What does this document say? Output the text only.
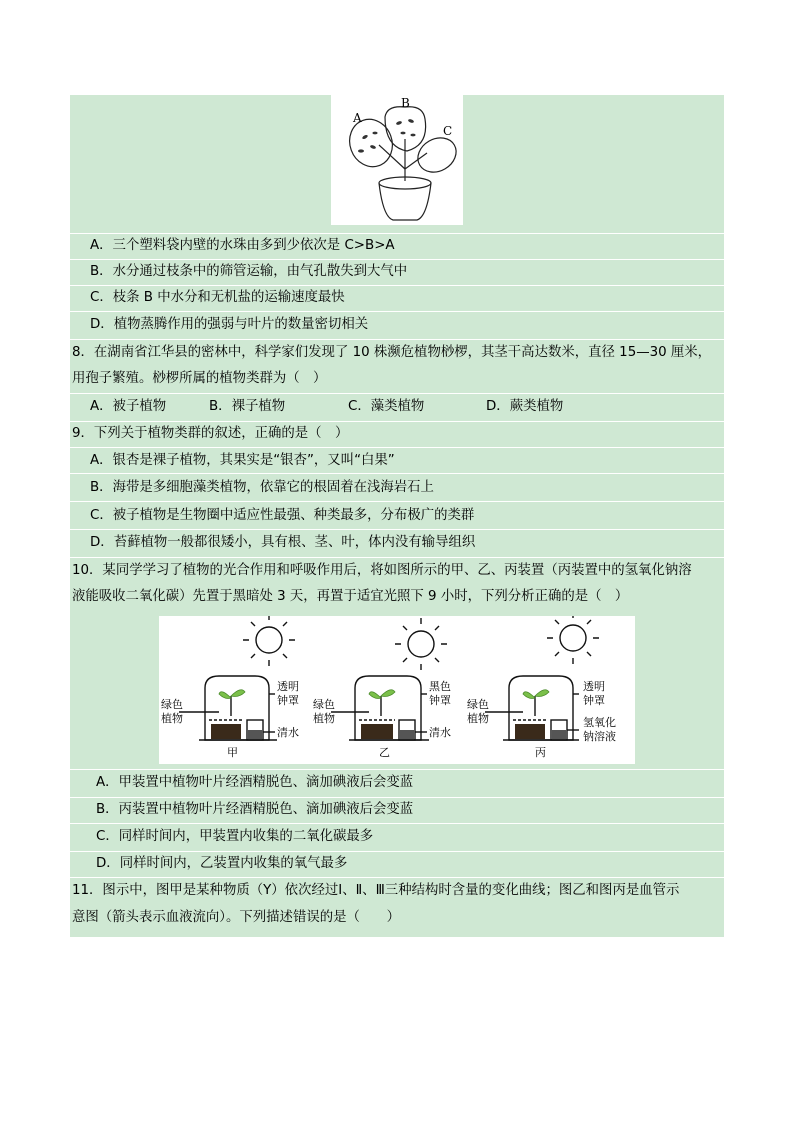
A
B
C
A．三个塑料袋内壁的水珠由多到少依次是 C>B>A
B．水分通过枝条中的筛管运输，由气孔散失到大气中
C．枝条 B 中水分和无机盐的运输速度最快
D．植物蒸腾作用的强弱与叶片的数量密切相关
8．在湖南省江华县的密林中，科学家们发现了 10 株濒危植物桫椤，其茎干高达数米，直径 15—30 厘米，
用孢子繁殖。桫椤所属的植物类群为（　）
A．被子植物	B．裸子植物	C．藻类植物	D．蕨类植物
9．下列关于植物类群的叙述，正确的是（　）
A．银杏是裸子植物，其果实是“银杏”，又叫“白果”
B．海带是多细胞藻类植物，依靠它的根固着在浅海岩石上
C．被子植物是生物圈中适应性最强、种类最多，分布极广的类群
D．苔藓植物一般都很矮小，具有根、茎、叶，体内没有输导组织
10．某同学学习了植物的光合作用和呼吸作用后，将如图所示的甲、乙、丙装置（丙装置中的氢氧化钠溶
液能吸收二氧化碳）先置于黑暗处 3 天，再置于适宜光照下 9 小时，下列分析正确的是（　）
绿色
植物
透明
钟罩
清水
甲
绿色
植物
黑色
钟罩
清水
乙
绿色
植物
透明
钟罩
氢氧化
钠溶液
丙
A．甲装置中植物叶片经酒精脱色、滴加碘液后会变蓝
B．丙装置中植物叶片经酒精脱色、滴加碘液后会变蓝
C．同样时间内，甲装置内收集的二氧化碳最多
D．同样时间内，乙装置内收集的氧气最多
11．图示中，图甲是某种物质（Y）依次经过Ⅰ、Ⅱ、Ⅲ三种结构时含量的变化曲线；图乙和图丙是血管示
意图（箭头表示血液流向）。下列描述错误的是（　　）
